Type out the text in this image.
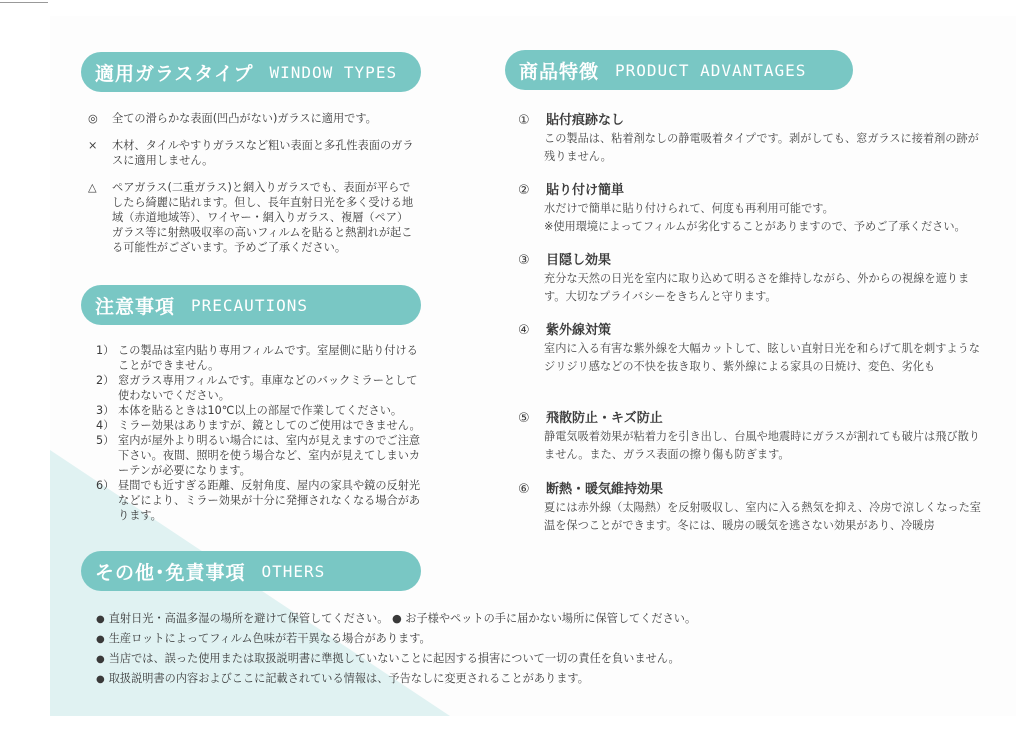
適用ガラスタイプ WINDOW TYPES
◎	全ての滑らかな表面(凹凸がない)ガラスに適用です。
×	木材、タイルやすりガラスなど粗い表面と多孔性表面のガラスに適用しません。
△	ペアガラス(二重ガラス)と網入りガラスでも、表面が平らでしたら綺麗に貼れます。但し、長年直射日光を多く受ける地域（赤道地域等）、ワイヤー・網入りガラス、複層（ペア）ガラス等に射熱吸収率の高いフィルムを貼ると熱割れが起こる可能性がございます。予めご了承ください。
注意事項 PRECAUTIONS
1） この製品は室内貼り専用フィルムです。室屋側に貼り付けることができません。
2） 窓ガラス専用フィルムです。車庫などのバックミラーとして使わないでください。
3） 本体を貼るときは10℃以上の部屋で作業してください。
4） ミラー効果はありますが、鏡としてのご使用はできません。
5） 室内が屋外より明るい場合には、室内が見えますのでご注意下さい。夜間、照明を使う場合など、室内が見えてしまいカーテンが必要になります。
6） 昼間でも近すぎる距離、反射角度、屋内の家具や鏡の反射光などにより、ミラー効果が十分に発揮されなくなる場合があります。
その他･免責事項 OTHERS
● 直射日光・高温多湿の場所を避けて保管してください。 ● お子様やペットの手に届かない場所に保管してください。
● 生産ロットによってフィルム色味が若干異なる場合があります。
● 当店では、誤った使用または取扱説明書に準拠していないことに起因する損害について一切の責任を負いません。
● 取扱説明書の内容およびここに記載されている情報は、予告なしに変更されることがあります。
商品特徴 PRODUCT ADVANTAGES
①	貼付痕跡なし
この製品は、粘着剤なしの静電吸着タイプです。剥がしても、窓ガラスに接着剤の跡が残りません。
②	貼り付け簡単
水だけで簡単に貼り付けられて、何度も再利用可能です。
※使用環境によってフィルムが劣化することがありますので、予めご了承ください。
③	目隠し効果
充分な天然の日光を室内に取り込めて明るさを維持しながら、外からの視線を遮ります。大切なプライバシーをきちんと守ります。
④	紫外線対策
室内に入る有害な紫外線を大幅カットして、眩しい直射日光を和らげて肌を刺すようなジリジリ感などの不快を抜き取り、紫外線による家具の日焼け、変色、劣化も
⑤	飛散防止・キズ防止
静電気吸着効果が粘着力を引き出し、台風や地震時にガラスが割れても破片は飛び散りません。また、ガラス表面の擦り傷も防ぎます。
⑥	断熱・暖気維持効果
夏には赤外線（太陽熱）を反射吸収し、室内に入る熱気を抑え、冷房で涼しくなった室温を保つことができます。冬には、暖房の暖気を逃さない効果があり、冷暖房
